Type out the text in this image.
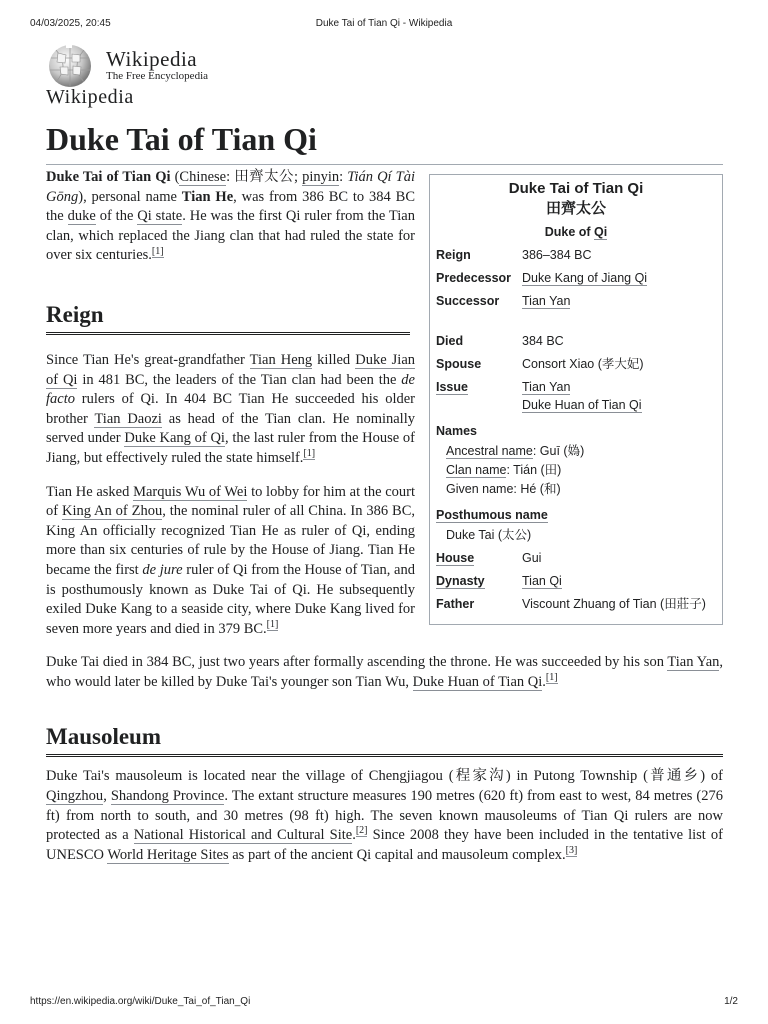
04/03/2025, 20:45	Duke Tai of Tian Qi - Wikipedia
Wikipedia
The Free Encyclopedia
Wikipedia
Duke Tai of Tian Qi
Duke Tai of Tian Qi
田齊太公
Duke of Qi
Reign	386–384 BC
Predecessor Duke Kang of Jiang Qi
Successor	Tian Yan
Died	384 BC
Spouse	Consort Xiao (孝大妃)
Issue	Tian Yan
Duke Huan of Tian Qi
Names
Ancestral name: Guī (媯)
Clan name: Tián (田)
Given name: Hé (和)
Posthumous name
Duke Tai (太公)
House	Gui
Dynasty	Tian Qi
Father	Viscount Zhuang of Tian (田莊子)

Duke Tai of Tian Qi (Chinese: 田齊太公; pinyin: Tián Qí Tài Gōng), personal name Tian He, was from 386 BC to 384 BC the duke of the Qi state. He was the first Qi ruler from the Tian clan, which replaced the Jiang clan that had ruled the state for over six centuries.[1]

Reign

Since Tian He's great-grandfather Tian Heng killed Duke Jian of Qi in 481 BC, the leaders of the Tian clan had been the de facto rulers of Qi. In 404 BC Tian He succeeded his older brother Tian Daozi as head of the Tian clan. He nominally served under Duke Kang of Qi, the last ruler from the House of Jiang, but effectively ruled the state himself.[1]

Tian He asked Marquis Wu of Wei to lobby for him at the court of King An of Zhou, the nominal ruler of all China. In 386 BC, King An officially recognized Tian He as ruler of Qi, ending more than six centuries of rule by the House of Jiang. Tian He became the first de jure ruler of Qi from the House of Tian, and is posthumously known as Duke Tai of Qi. He subsequently exiled Duke Kang to a seaside city, where Duke Kang lived for seven more years and died in 379 BC.[1]

Duke Tai died in 384 BC, just two years after formally ascending the throne. He was succeeded by his son Tian Yan, who would later be killed by Duke Tai's younger son Tian Wu, Duke Huan of Tian Qi.[1]

Mausoleum

Duke Tai's mausoleum is located near the village of Chengjiagou (程家沟) in Putong Township (普通乡) of Qingzhou, Shandong Province. The extant structure measures 190 metres (620 ft) from east to west, 84 metres (276 ft) from north to south, and 30 metres (98 ft) high. The seven known mausoleums of Tian Qi rulers are now protected as a National Historical and Cultural Site.[2] Since 2008 they have been included in the tentative list of UNESCO World Heritage Sites as part of the ancient Qi capital and mausoleum complex.[3]

https://en.wikipedia.org/wiki/Duke_Tai_of_Tian_Qi	1/2
